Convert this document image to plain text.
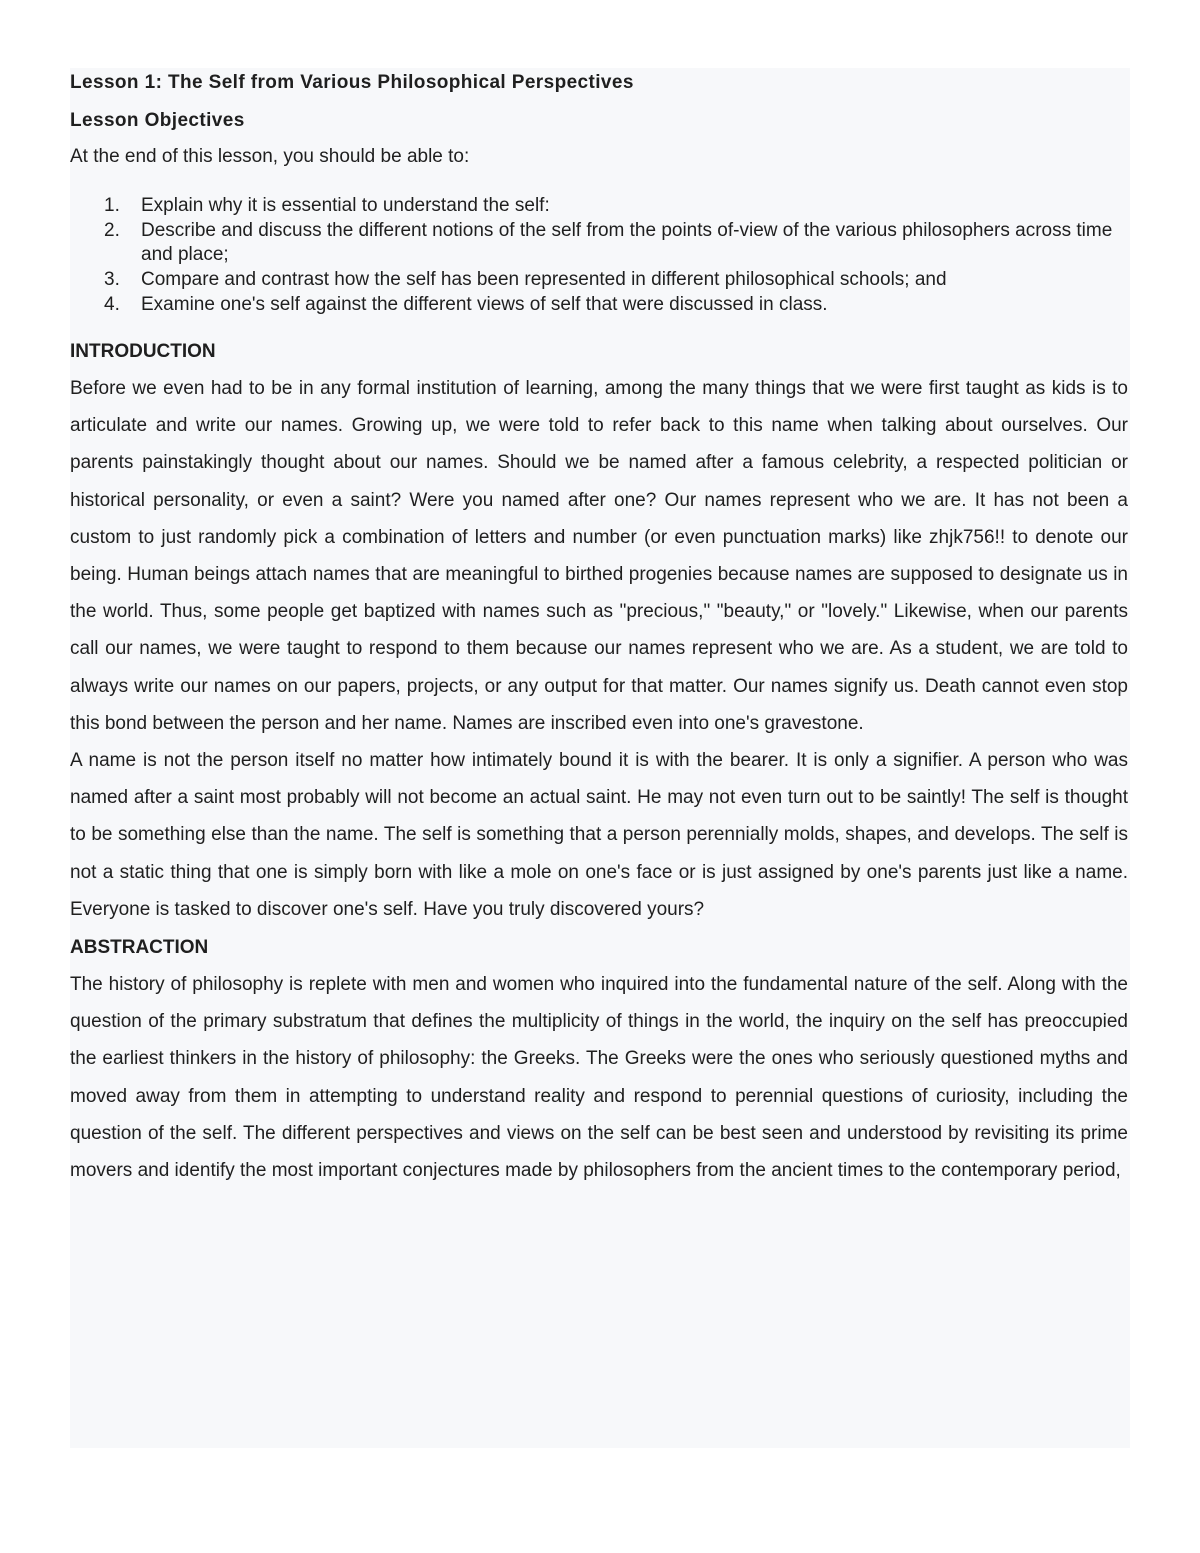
Lesson 1: The Self from Various Philosophical Perspectives

Lesson Objectives

At the end of this lesson, you should be able to:

1. Explain why it is essential to understand the self:
2. Describe and discuss the different notions of the self from the points of-view of the various philosophers across time and place;
3. Compare and contrast how the self has been represented in different philosophical schools; and
4. Examine one's self against the different views of self that were discussed in class.

INTRODUCTION

Before we even had to be in any formal institution of learning, among the many things that we were first taught as kids is to articulate and write our names. Growing up, we were told to refer back to this name when talking about ourselves. Our parents painstakingly thought about our names. Should we be named after a famous celebrity, a respected politician or historical personality, or even a saint? Were you named after one? Our names represent who we are. It has not been a custom to just randomly pick a combination of letters and number (or even punctuation marks) like zhjk756!! to denote our being. Human beings attach names that are meaningful to birthed progenies because names are supposed to designate us in the world. Thus, some people get baptized with names such as "precious," "beauty," or "lovely." Likewise, when our parents call our names, we were taught to respond to them because our names represent who we are. As a student, we are told to always write our names on our papers, projects, or any output for that matter. Our names signify us. Death cannot even stop this bond between the person and her name. Names are inscribed even into one's gravestone.

A name is not the person itself no matter how intimately bound it is with the bearer. It is only a signifier. A person who was named after a saint most probably will not become an actual saint. He may not even turn out to be saintly! The self is thought to be something else than the name. The self is something that a person perennially molds, shapes, and develops. The self is not a static thing that one is simply born with like a mole on one's face or is just assigned by one's parents just like a name. Everyone is tasked to discover one's self. Have you truly discovered yours?

ABSTRACTION

The history of philosophy is replete with men and women who inquired into the fundamental nature of the self. Along with the question of the primary substratum that defines the multiplicity of things in the world, the inquiry on the self has preoccupied the earliest thinkers in the history of philosophy: the Greeks. The Greeks were the ones who seriously questioned myths and moved away from them in attempting to understand reality and respond to perennial questions of curiosity, including the question of the self. The different perspectives and views on the self can be best seen and understood by revisiting its prime movers and identify the most important conjectures made by philosophers from the ancient times to the contemporary period,
